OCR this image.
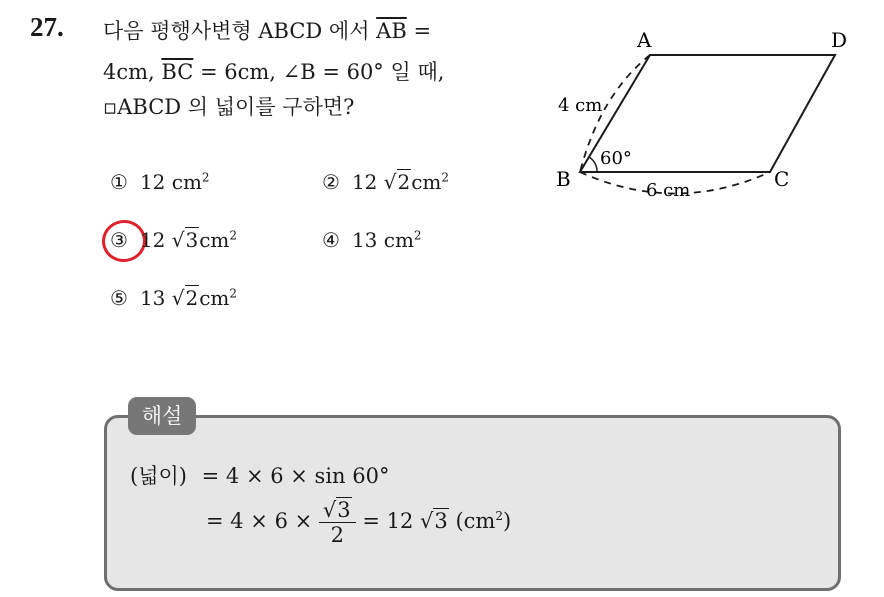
27. 다음 평행사변형 ABCD 에서 $\overline{AB}$ =
4cm, $\overline{BC} = 6cm$, ∠B = 60° 일 때,
▫ABCD 의 넓이를 구하면?
① 12 $cm^2$	② 12 $√2cm^2$
③ 12 $√3cm^2$	④ 13 $cm^2$
⑤ 13 $√2cm^2$
A	D
B	C
4 cm
6 cm
60°
해설
(넓이) = 4 × 6 × sin 60°
= $4 \times 6 \times \frac{√3}{2} = 12$ √3 $(cm^2)$
